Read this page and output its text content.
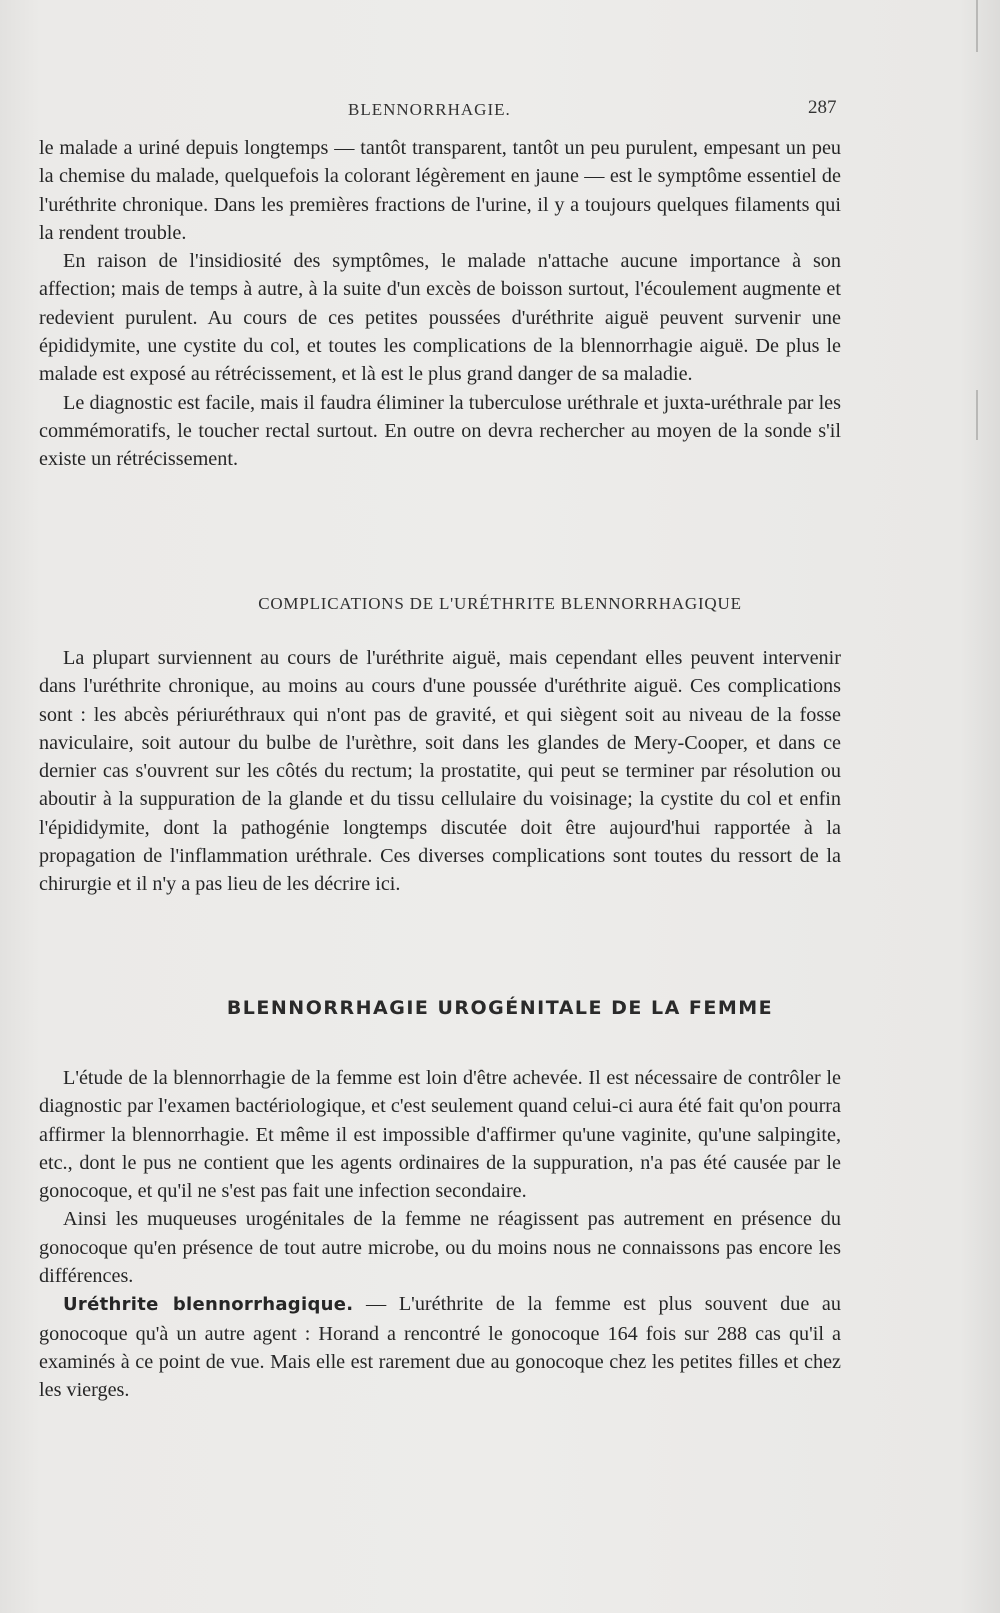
BLENNORRHAGIE.	287

le malade a uriné depuis longtemps — tantôt transparent, tantôt un peu purulent, empesant un peu la chemise du malade, quelquefois la colorant légèrement en jaune — est le symptôme essentiel de l'uréthrite chronique. Dans les premières fractions de l'urine, il y a toujours quelques filaments qui la rendent trouble.

En raison de l'insidiosité des symptômes, le malade n'attache aucune importance à son affection; mais de temps à autre, à la suite d'un excès de boisson surtout, l'écoulement augmente et redevient purulent. Au cours de ces petites poussées d'uréthrite aiguë peuvent survenir une épididymite, une cystite du col, et toutes les complications de la blennorrhagie aiguë. De plus le malade est exposé au rétrécissement, et là est le plus grand danger de sa maladie.

Le diagnostic est facile, mais il faudra éliminer la tuberculose uréthrale et juxta-uréthrale par les commémoratifs, le toucher rectal surtout. En outre on devra rechercher au moyen de la sonde s'il existe un rétrécissement.

COMPLICATIONS DE L'URÉTHRITE BLENNORRHAGIQUE

La plupart surviennent au cours de l'uréthrite aiguë, mais cependant elles peuvent intervenir dans l'uréthrite chronique, au moins au cours d'une poussée d'uréthrite aiguë. Ces complications sont : les abcès périuréthraux qui n'ont pas de gravité, et qui siègent soit au niveau de la fosse naviculaire, soit autour du bulbe de l'urèthre, soit dans les glandes de Mery-Cooper, et dans ce dernier cas s'ouvrent sur les côtés du rectum; la prostatite, qui peut se terminer par résolution ou aboutir à la suppuration de la glande et du tissu cellulaire du voisinage; la cystite du col et enfin l'épididymite, dont la pathogénie longtemps discutée doit être aujourd'hui rapportée à la propagation de l'inflammation uréthrale. Ces diverses complications sont toutes du ressort de la chirurgie et il n'y a pas lieu de les décrire ici.

BLENNORRHAGIE UROGÉNITALE DE LA FEMME

L'étude de la blennorrhagie de la femme est loin d'être achevée. Il est nécessaire de contrôler le diagnostic par l'examen bactériologique, et c'est seulement quand celui-ci aura été fait qu'on pourra affirmer la blennorrhagie. Et même il est impossible d'affirmer qu'une vaginite, qu'une salpingite, etc., dont le pus ne contient que les agents ordinaires de la suppuration, n'a pas été causée par le gonocoque, et qu'il ne s'est pas fait une infection secondaire.

Ainsi les muqueuses urogénitales de la femme ne réagissent pas autrement en présence du gonocoque qu'en présence de tout autre microbe, ou du moins nous ne connaissons pas encore les différences.

Uréthrite blennorrhagique. — L'uréthrite de la femme est plus souvent due au gonocoque qu'à un autre agent : Horand a rencontré le gonocoque 164 fois sur 288 cas qu'il a examinés à ce point de vue. Mais elle est rarement due au gonocoque chez les petites filles et chez les vierges.
